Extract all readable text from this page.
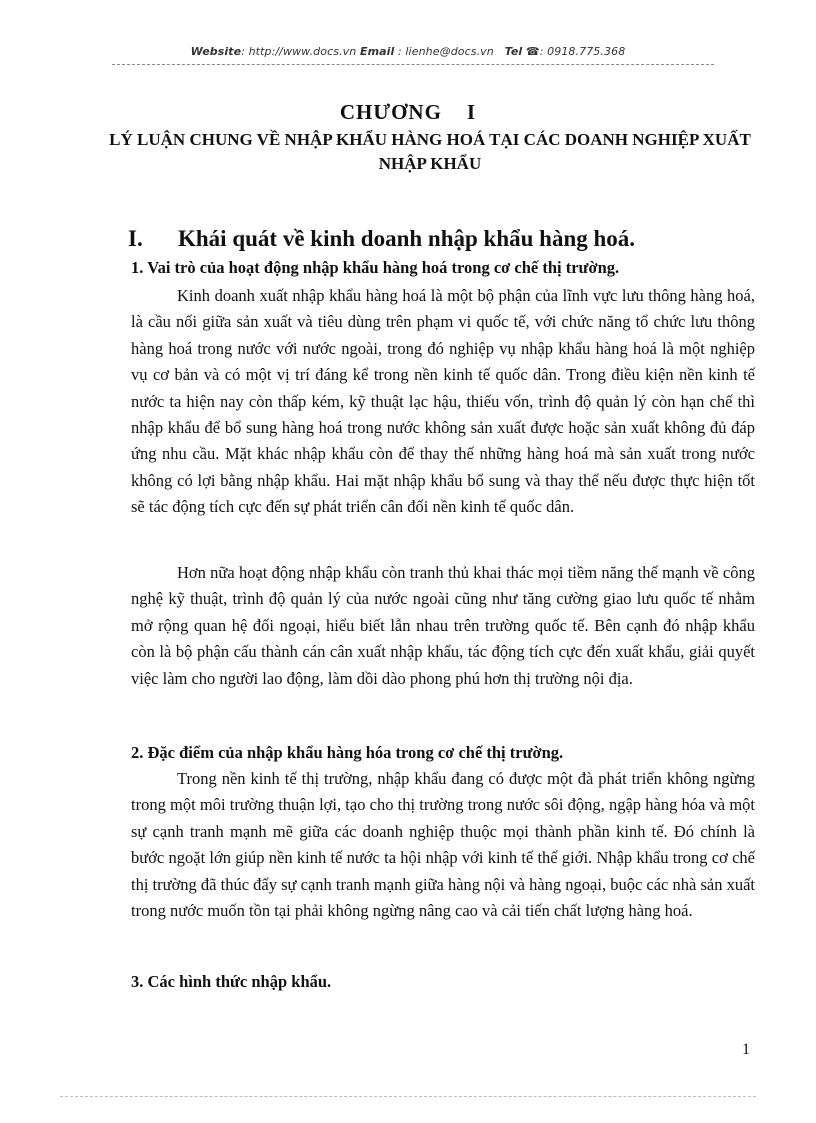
Website: http://www.docs.vn Email : lienhe@docs.vn Tel ☎: 0918.775.368
CHƯƠNG    I
LÝ LUẬN CHUNG VỀ NHẬP KHẨU HÀNG HOÁ TẠI CÁC DOANH NGHIỆP XUẤT NHẬP KHẨU
I. Khái quát về kinh doanh nhập khẩu hàng hoá.
1. Vai trò của hoạt động nhập khẩu hàng hoá trong cơ chế thị trường.
Kinh doanh xuất nhập khẩu hàng hoá là một bộ phận của lĩnh vực lưu thông hàng hoá, là cầu nối giữa sản xuất và tiêu dùng trên phạm vi quốc tế, với chức năng tổ chức lưu thông hàng hoá trong nước với nước ngoài, trong đó nghiệp vụ nhập khẩu hàng hoá là một nghiệp vụ cơ bản và có một vị trí đáng kể trong nền kinh tế quốc dân. Trong điều kiện nền kinh tế nước ta hiện nay còn thấp kém, kỹ thuật lạc hậu, thiếu vốn, trình độ quản lý còn hạn chế thì nhập khẩu để bổ sung hàng hoá trong nước không sản xuất được hoặc sản xuất không đủ đáp ứng nhu cầu. Mặt khác nhập khẩu còn để thay thế những hàng hoá mà sản xuất trong nước không có lợi bằng nhập khẩu. Hai mặt nhập khẩu bổ sung và thay thế nếu được thực hiện tốt sẽ tác động tích cực đến sự phát triển cân đối nền kinh tế quốc dân.
Hơn nữa hoạt động nhập khẩu còn tranh thủ khai thác mọi tiềm năng thế mạnh về công nghệ kỹ thuật, trình độ quản lý của nước ngoài cũng như tăng cường giao lưu quốc tế nhằm mở rộng quan hệ đối ngoại, hiểu biết lẫn nhau trên trường quốc tế. Bên cạnh đó nhập khẩu còn là bộ phận cấu thành cán cân xuất nhập khẩu, tác động tích cực đến xuất khẩu, giải quyết việc làm cho người lao động, làm dồi dào phong phú hơn thị trường nội địa.
2. Đặc điểm của nhập khẩu hàng hóa trong cơ chế thị trường.
Trong nền kinh tế thị trường, nhập khẩu đang có được một đà phát triển không ngừng trong một môi trường thuận lợi, tạo cho thị trường trong nước sôi động, ngập hàng hóa và một sự cạnh tranh mạnh mẽ giữa các doanh nghiệp thuộc mọi thành phần kinh tế. Đó chính là bước ngoặt lớn giúp nền kinh tế nước ta hội nhập với kinh tế thế giới. Nhập khẩu trong cơ chế thị trường đã thúc đẩy sự cạnh tranh mạnh giữa hàng nội và hàng ngoại, buộc các nhà sản xuất trong nước muốn tồn tại phải không ngừng nâng cao và cải tiến chất lượng hàng hoá.
3. Các hình thức nhập khẩu.
1
